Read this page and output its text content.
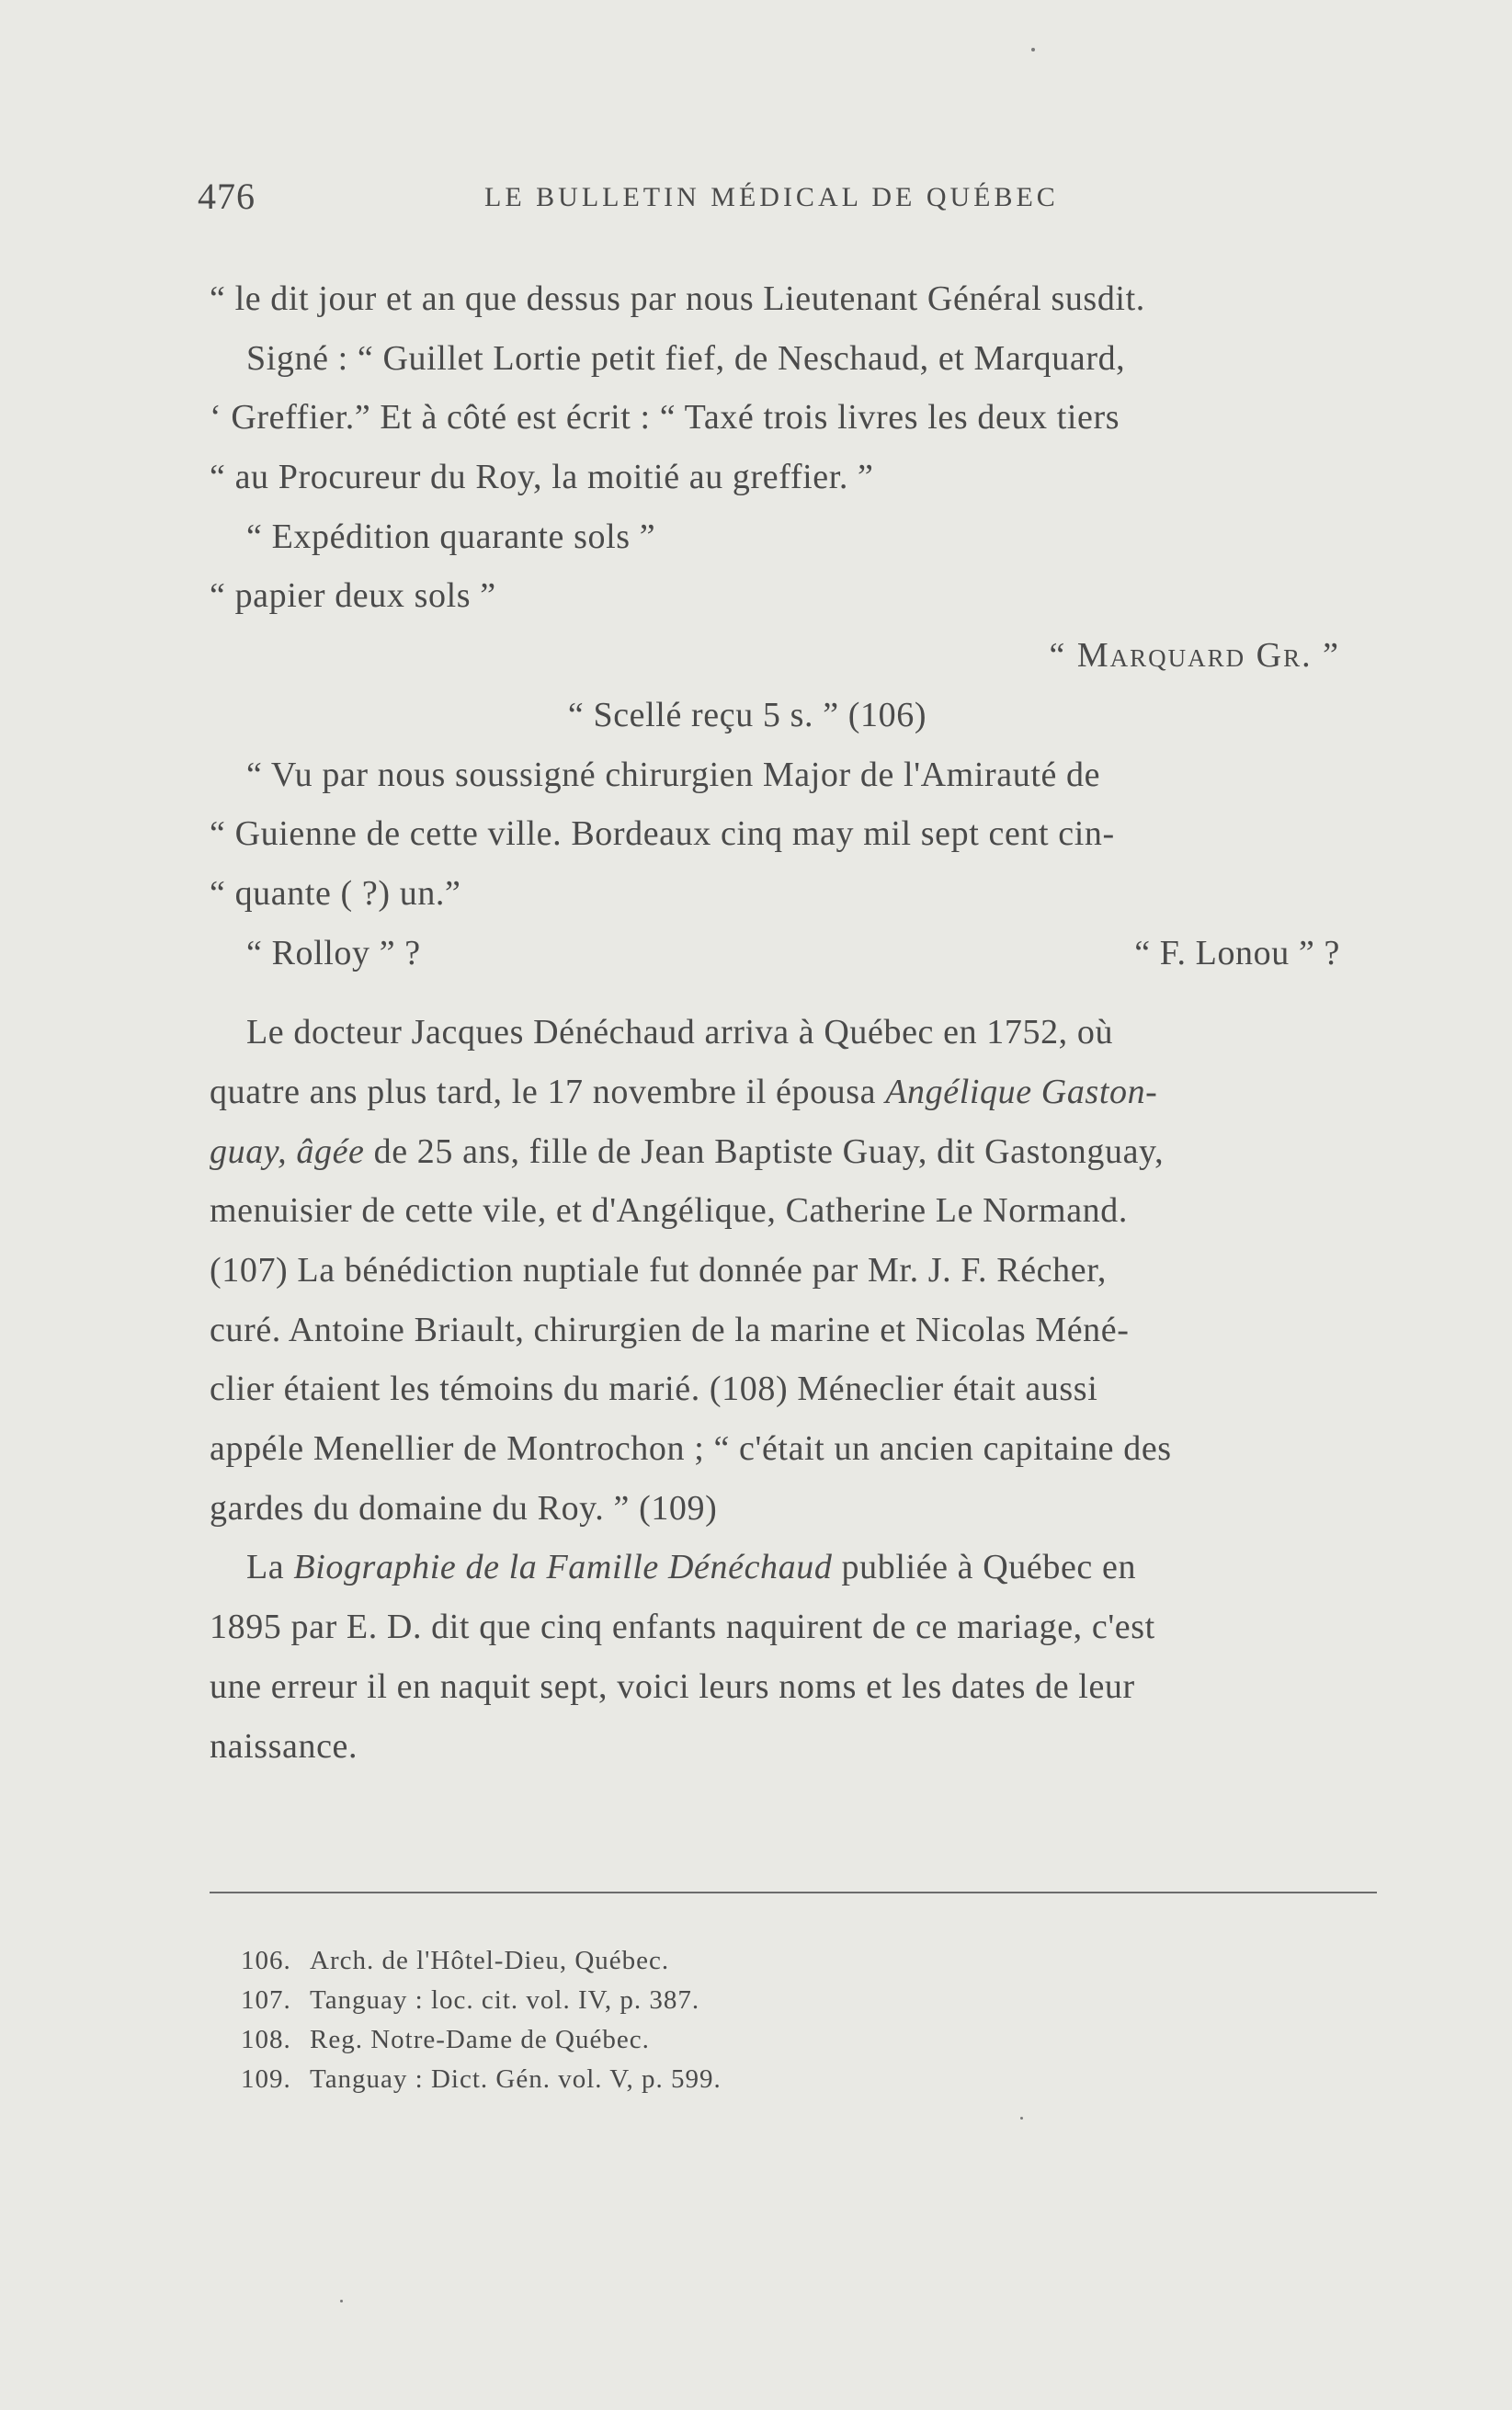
476	LE BULLETIN MÉDICAL DE QUÉBEC
“ le dit jour et an que dessus par nous Lieutenant Général susdit.
Signé : “ Guillet Lortie petit fief, de Neschaud, et Marquard,
‘ Greffier.” Et à côté est écrit : “ Taxé trois livres les deux tiers
“ au Procureur du Roy, la moitié au greffier. ”
“ Expédition quarante sols ”
“ papier deux sols ”
“ Marquard Gr. ”
“ Scellé reçu 5 s. ” (106)
“ Vu par nous soussigné chirurgien Major de l'Amirauté de
“ Guienne de cette ville. Bordeaux cinq may mil sept cent cin-
“ quante ( ?) un.”
“ Rolloy ” ?	“ F. Lonou ” ?
Le docteur Jacques Dénéchaud arriva à Québec en 1752, où
quatre ans plus tard, le 17 novembre il épousa Angélique Gaston-
guay, âgée de 25 ans, fille de Jean Baptiste Guay, dit Gastonguay,
menuisier de cette vile, et d'Angélique, Catherine Le Normand.
(107) La bénédiction nuptiale fut donnée par Mr. J. F. Récher,
curé. Antoine Briault, chirurgien de la marine et Nicolas Méné-
clier étaient les témoins du marié. (108) Méneclier était aussi
appéle Menellier de Montrochon ; “ c'était un ancien capitaine des
gardes du domaine du Roy. ” (109)
La Biographie de la Famille Dénéchaud publiée à Québec en
1895 par E. D. dit que cinq enfants naquirent de ce mariage, c'est
une erreur il en naquit sept, voici leurs noms et les dates de leur
naissance.
106. Arch. de l'Hôtel-Dieu, Québec.
107. Tanguay : loc. cit. vol. IV, p. 387.
108. Reg. Notre-Dame de Québec.
109. Tanguay : Dict. Gén. vol. V, p. 599.
